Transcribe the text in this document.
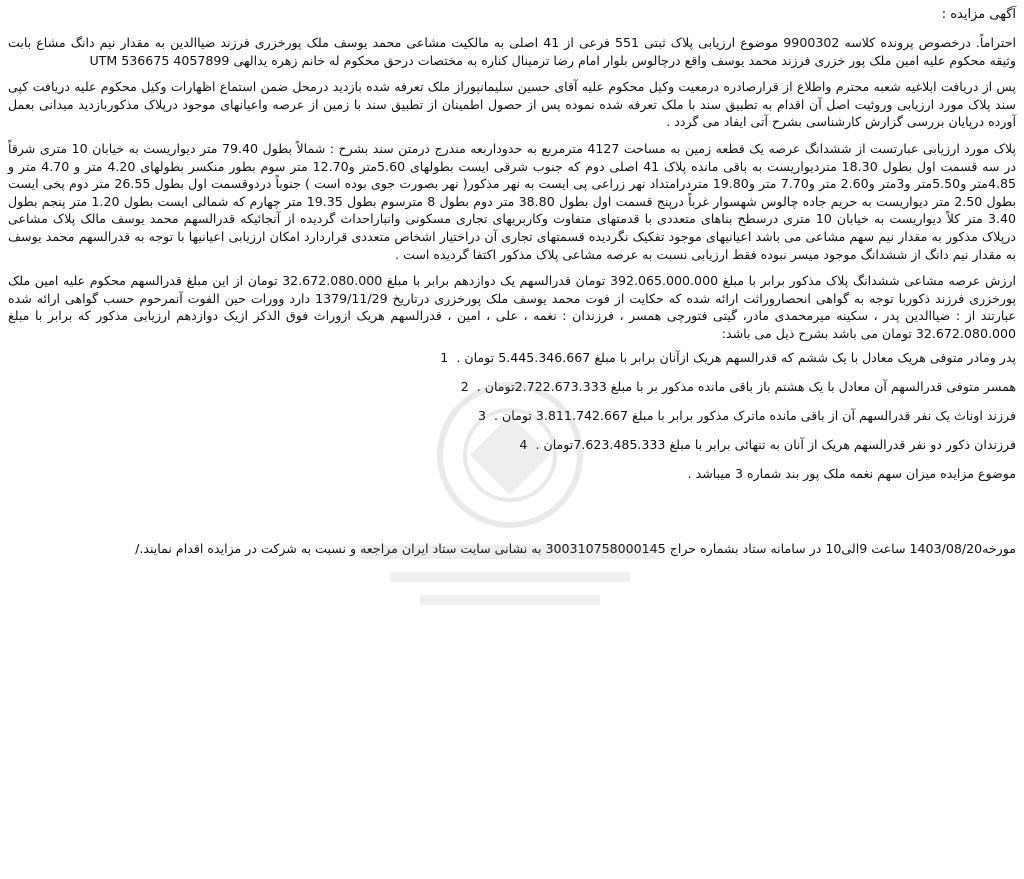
آگهی مزایده :

احتراماً. درخصوص پرونده کلاسه 9900302 موضوع ارزیابی پلاک ثبتی 551 فرعی از 41 اصلی به مالکیت مشاعی محمد یوسف ملک پورخزری فرزند ضیاالدین به مقدار نیم دانگ مشاع بابت وثیقه محکوم علیه امین ملک پور خزری فرزند محمد یوسف واقع درچالوس بلوار امام رضا ترمینال کناره به مختصات درحق محکوم له خانم زهره یدالهی 4057899 536675 UTM

پس از دریافت ابلاغیه شعبه محترم واطلاع از قرارصادره درمعیت وکیل محکوم علیه آقای حسین سلیمانپوراز ملک تعرفه شده بازدید درمحل ضمن استماع اظهارات وکیل محکوم علیه دریافت کپی سند پلاک مورد ارزیابی وروئیت اصل آن اقدام به تطبیق سند با ملک تعرفه شده نموده پس از حصول اطمینان از تطبیق سند با زمین از عرصه واعیانهای موجود درپلاک مذکوربازدید میدانی بعمل آورده درپایان بررسی گزارش کارشناسی بشرح آتی ایفاد می گردد .

پلاک مورد ارزیابی عبارتست از ششدانگ عرصه یک قطعه زمین به مساحت 4127 مترمربع به حدوداربعه مندرج درمتن سند بشرح : شمالاً بطول 79.40 متر دیواریست به خیابان 10 متری شرقاً در سه قسمت اول بطول 18.30 متردیواریست به باقی مانده پلاک 41 اصلی دوم که جنوب شرقی ایست بطولهای 5.60متر و12.70 متر سوم بطور منکسر بطولهای 4.20 متر و 4.70 متر و 4.85متر و5.50متر و3متر و2.60 متر و7.70 متر و19.80 متردرامتداد نهر زراعی پی ایست به نهر مذکور( نهر بصورت جوی بوده است ) جنوباً دردوقسمت اول بطول 26.55 متر دوم پخی ایست بطول 2.50 متر دیواریست به حریم جاده چالوس شهسوار غرباً درپنج قسمت اول بطول 38.80 متر دوم بطول 8 مترسوم بطول 19.35 متر چهارم که شمالی ایست بطول 1.20 متر پنجم بطول 3.40 متر کلاً دیواریست به خیابان 10 متری درسطح بناهای متعددی با قدمتهای متفاوت وکاربریهای تجاری مسکونی وانباراحداث گردیده از آنجائیکه قدرالسهم محمد یوسف مالک پلاک مشاعی درپلاک مذکور به مقدار نیم سهم مشاعی می باشد اعیانیهای موجود تفکیک نگردیده قسمتهای تجاری آن دراختیار اشخاص متعددی قراردارد امکان ارزیابی اعیانیها با توجه به قدرالسهم محمد یوسف به مقدار نیم دانگ از ششدانگ موجود میسر نبوده فقط ارزیابی نسبت به عرصه مشاعی پلاک مذکور اکتفا گردیده است .

ارزش عرصه مشاعی ششدانگ پلاک مذکور برابر با مبلغ 392.065.000.000 تومان قدرالسهم یک دوازدهم برابر با مبلغ 32.672.080.000 تومان از این مبلغ قدرالسهم محکوم علیه امین ملک پورخزری فرزند ذکوربا توجه به گواهی انحصاروراثت ارائه شده که حکایت از فوت محمد یوسف ملک پورخزری درتاریخ 1379/11/29 دارد وورات حین الفوت آنمرحوم حسب گواهی ارائه شده عبارتند از : ضیاالدین پدر ، سکینه میرمحمدی مادر، گیتی فتورچی همسر ، فرزندان : نغمه ، علی ، امین ، قدرالسهم هریک ازوراث فوق الذکر ازیک دوازدهم ارزیابی مذکور که برابر با مبلغ 32.672.080.000 تومان می باشد بشرح ذیل می باشد:

پدر ومادر متوفی هریک معادل با یک ششم که قدرالسهم هریک ازآنان برابر با مبلغ 5.445.346.667 تومان . 1
همسر متوفی قدرالسهم آن معادل با یک هشتم باز باقی مانده مذکور بر با مبلغ 2.722.673.333تومان . 2
فرزند اوناث یک نفر قدرالسهم آن از باقی مانده ماترک مذکور برابر با مبلغ 3.811.742.667 تومان . 3
فرزندان ذکور دو نفر قدرالسهم هریک از آنان به تنهائی برابر با مبلغ 7.623.485.333تومان . 4

موضوع مزایده میزان سهم نغمه ملک پور بند شماره 3 میباشد .

مورخه1403/08/20 ساعت 9الی10 در سامانه ستاد بشماره حراج 300310758000145 به نشانی سایت ستاد ایران مراجعه و نسبت به شرکت در مزایده اقدام نمایند./
